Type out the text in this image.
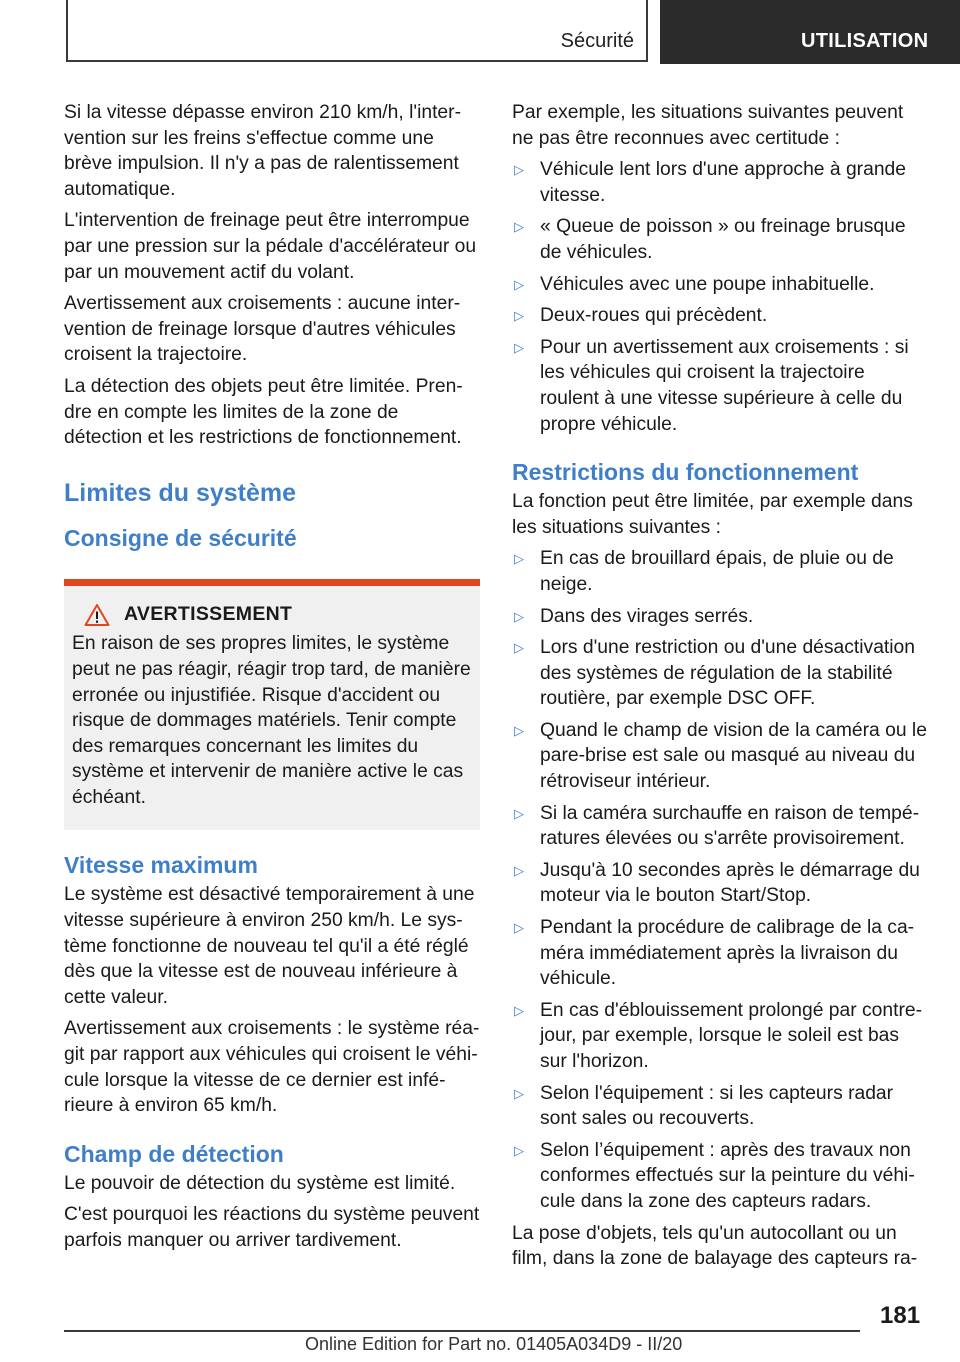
Sécurité	UTILISATION

Si la vitesse dépasse environ 210 km/h, l'intervention sur les freins s'effectue comme une brève impulsion. Il n'y a pas de ralentissement automatique.

L'intervention de freinage peut être interrompue par une pression sur la pédale d'accélérateur ou par un mouvement actif du volant.

Avertissement aux croisements : aucune intervention de freinage lorsque d'autres véhicules croisent la trajectoire.

La détection des objets peut être limitée. Prendre en compte les limites de la zone de détection et les restrictions de fonctionnement.

Limites du système
Consigne de sécurité
AVERTISSEMENT

En raison de ses propres limites, le système peut ne pas réagir, réagir trop tard, de manière erronée ou injustifiée. Risque d'accident ou risque de dommages matériels. Tenir compte des remarques concernant les limites du système et intervenir de manière active le cas échéant.

Vitesse maximum

Le système est désactivé temporairement à une vitesse supérieure à environ 250 km/h. Le système fonctionne de nouveau tel qu'il a été réglé dès que la vitesse est de nouveau inférieure à cette valeur.

Avertissement aux croisements : le système réagit par rapport aux véhicules qui croisent le véhicule lorsque la vitesse de ce dernier est inférieure à environ 65 km/h.

Champ de détection

Le pouvoir de détection du système est limité.

C'est pourquoi les réactions du système peuvent parfois manquer ou arriver tardivement.

Par exemple, les situations suivantes peuvent ne pas être reconnues avec certitude :

▷ Véhicule lent lors d'une approche à grande vitesse.
▷ « Queue de poisson » ou freinage brusque de véhicules.
▷ Véhicules avec une poupe inhabituelle.
▷ Deux-roues qui précèdent.
▷ Pour un avertissement aux croisements : si les véhicules qui croisent la trajectoire roulent à une vitesse supérieure à celle du propre véhicule.
Restrictions du fonctionnement

La fonction peut être limitée, par exemple dans les situations suivantes :

▷ En cas de brouillard épais, de pluie ou de neige.
▷ Dans des virages serrés.
▷ Lors d'une restriction ou d'une désactivation des systèmes de régulation de la stabilité routière, par exemple DSC OFF.
▷ Quand le champ de vision de la caméra ou le pare-brise est sale ou masqué au niveau du rétroviseur intérieur.
▷ Si la caméra surchauffe en raison de températures élevées ou s'arrête provisoirement.
▷ Jusqu'à 10 secondes après le démarrage du moteur via le bouton Start/Stop.
▷ Pendant la procédure de calibrage de la caméra immédiatement après la livraison du véhicule.
▷ En cas d'éblouissement prolongé par contre-jour, par exemple, lorsque le soleil est bas sur l'horizon.
▷ Selon l'équipement : si les capteurs radar sont sales ou recouverts.
▷ Selon l’équipement : après des travaux non conformes effectués sur la peinture du véhicule dans la zone des capteurs radars.

La pose d'objets, tels qu'un autocollant ou un film, dans la zone de balayage des capteurs ra-

181
Online Edition for Part no. 01405A034D9 - II/20
